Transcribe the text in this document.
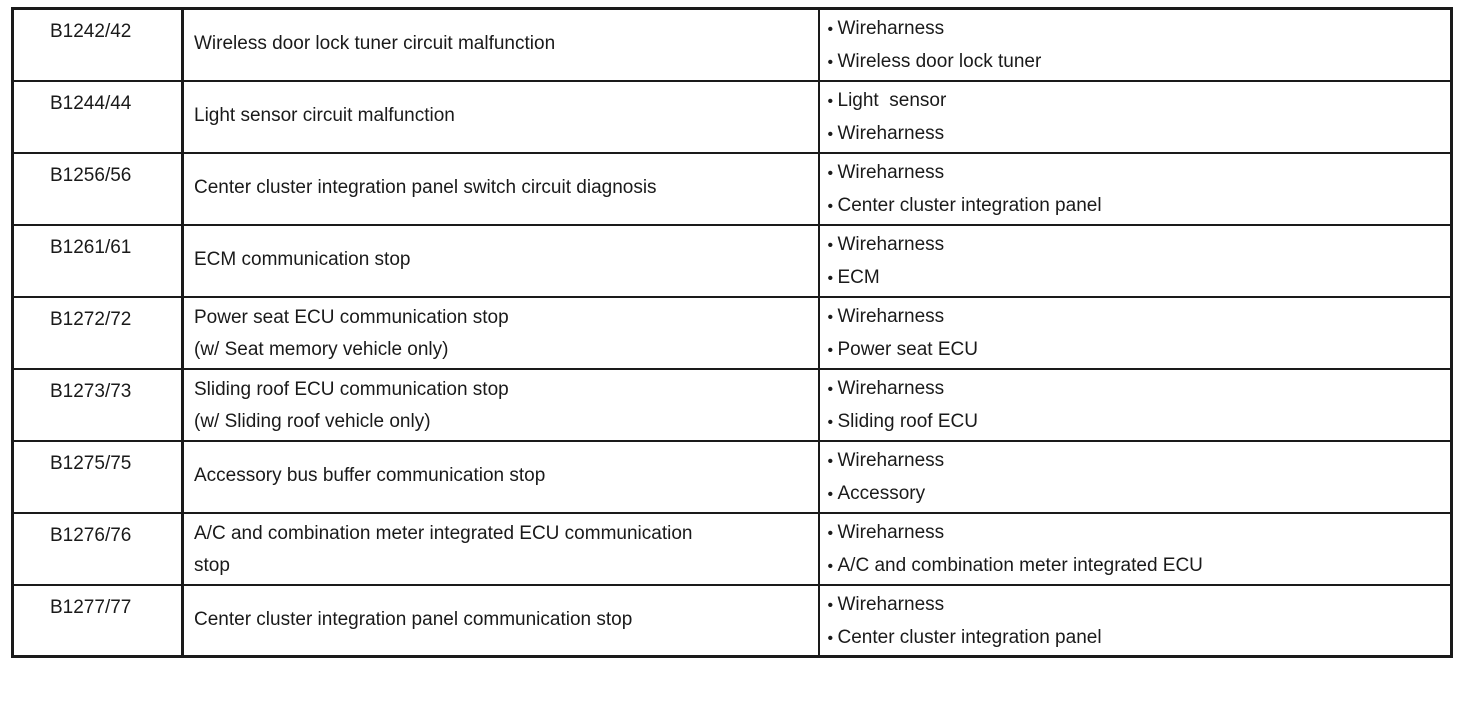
B1242/42	Wireless door lock tuner circuit malfunction	• Wireharness
• Wireless door lock tuner

B1244/44	Light sensor circuit malfunction	• Light  sensor
• Wireharness

B1256/56	Center cluster integration panel switch circuit diagnosis	• Wireharness
• Center cluster integration panel

B1261/61	ECM communication stop	• Wireharness
• ECM

B1272/72	Power seat ECU communication stop
(w/ Seat memory vehicle only)	• Wireharness
• Power seat ECU

B1273/73	Sliding roof ECU communication stop
(w/ Sliding roof vehicle only)	• Wireharness
• Sliding roof ECU

B1275/75	Accessory bus buffer communication stop	• Wireharness
• Accessory

B1276/76	A/C and combination meter integrated ECU communication
stop	• Wireharness
• A/C and combination meter integrated ECU

B1277/77	Center cluster integration panel communication stop	• Wireharness
• Center cluster integration panel
